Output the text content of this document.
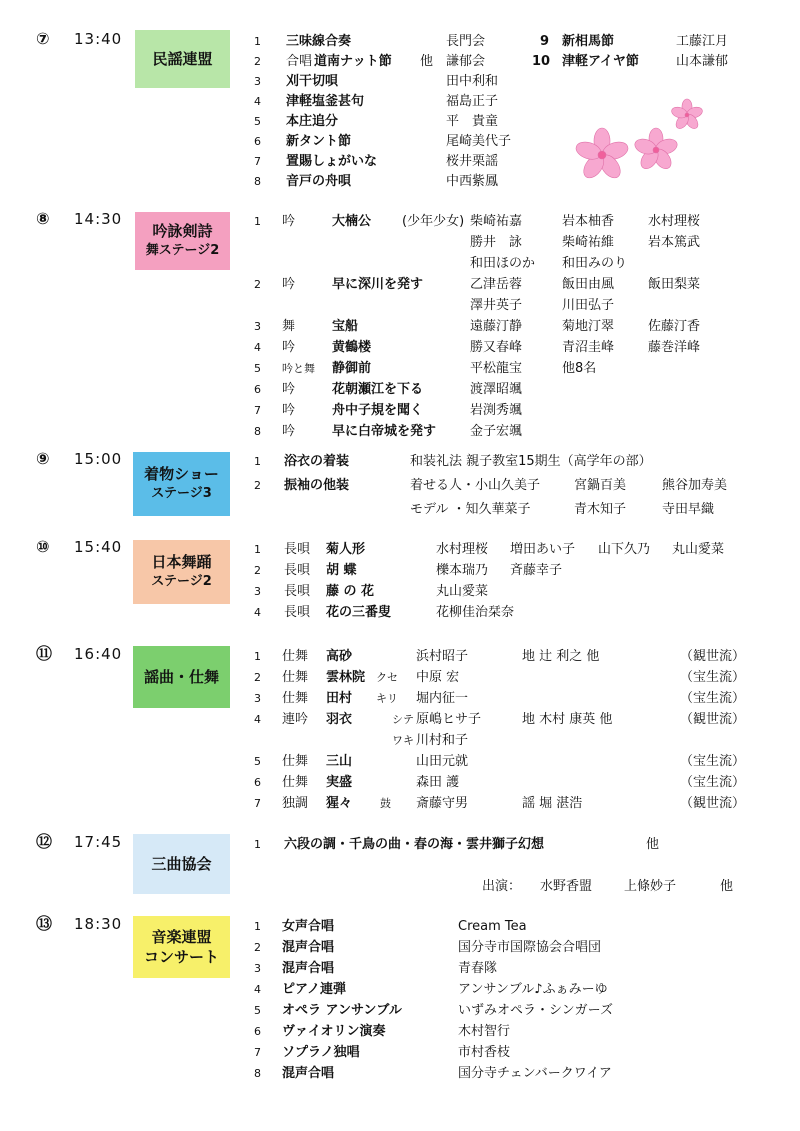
⑦ 13:40
民謡連盟
1 三味線合奏	長門会
2 合唱 道南ナット節 他 謙郁会
3 刈干切唄	田中利和
4 津軽塩釜甚句	福島正子
5 本庄追分	平　貴童
6 新タント節	尾崎美代子
7 置賜しょがいな	桜井栗謡
8 音戸の舟唄	中西紫鳳
9 新相馬節	工藤江月
10 津軽アイヤ節	山本謙郁
⑧ 14:30
吟詠剣詩
舞ステージ2
1 吟	大楠公 (少年少女) 柴崎祐嘉	岩本柚香	水村理桜
勝井　詠	柴崎祐維	岩本篤武
和田ほのか 和田みのり
2 吟	早に深川を発す	乙津岳蓉	飯田由風	飯田梨菜
澤井英子	川田弘子
3 舞	宝船	遠藤汀静	菊地汀翠	佐藤汀香
4 吟	黄鶴楼	勝又春峰	青沼圭峰	藤巻洋峰
5 吟と舞 静御前	平松龍宝	他8名
6 吟	花朝瀬江を下る	渡澤昭颯
7 吟	舟中子規を聞く	岩渕秀颯
8 吟	早に白帝城を発す	金子宏颯
⑨ 15:00
着物ショー
ステージ3
1 浴衣の着装	和装礼法 親子教室15期生（高学年の部）
2 振袖の他装	着せる人・小山久美子	宮鍋百美	熊谷加寿美
モデル ・知久華菜子	青木知子	寺田早織
⑩ 15:40
日本舞踊
ステージ2
1 長唄 菊人形	水村理桜 増田あい子 山下久乃 丸山愛菜
2 長唄 胡 蝶	櫟本瑞乃 斉藤幸子
3 長唄 藤 の 花	丸山愛菜
4 長唄 花の三番叟	花柳佳治栞奈
⑪ 16:40
謡曲・仕舞
1 仕舞 高砂	浜村昭子	地 辻 利之 他	（観世流）
2 仕舞 雲林院 クセ 中原 宏	（宝生流）
3 仕舞 田村 キリ 堀内征一	（宝生流）
4 連吟 羽衣	シテ 原嶋ヒサ子	地 木村 康英 他	（観世流）
ワキ 川村和子
5 仕舞 三山	山田元就	（宝生流）
6 仕舞 実盛	森田 護	（宝生流）
7 独調 猩々	鼓 斎藤守男	謡 堀 湛浩	（観世流）
⑫ 17:45
三曲協会
1 六段の調・千鳥の曲・春の海・雲井獅子幻想	他
出演： 水野香盟 上條妙子	他
⑬ 18:30
音楽連盟
コンサート
1 女声合唱	Cream Tea
2 混声合唱	国分寺市国際協会合唱団
3 混声合唱	青春隊
4 ピアノ連弾	アンサンブル♪ふぁみーゆ
5 オペラ アンサンブル	いずみオペラ・シンガーズ
6 ヴァイオリン演奏	木村智行
7 ソプラノ独唱	市村香枝
8 混声合唱	国分寺チェンバークワイア
